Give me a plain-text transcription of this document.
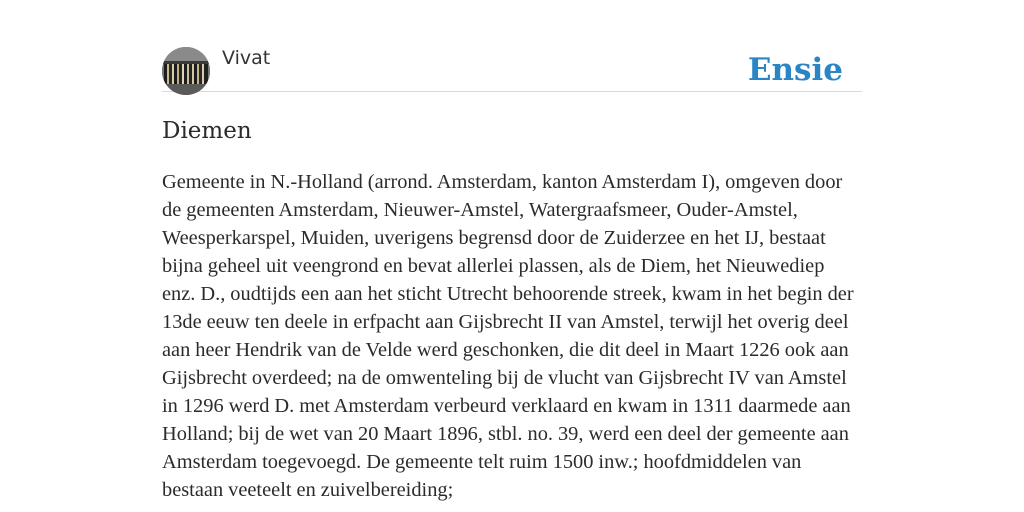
Vivat	Ensie
Diemen

Gemeente in N.-Holland (arrond. Amsterdam, kanton Amsterdam I), omgeven door de gemeenten Amsterdam, Nieuwer-Amstel, Watergraafsmeer, Ouder-Amstel, Weesperkarspel, Muiden, uverigens begrensd door de Zuiderzee en het IJ, bestaat bijna geheel uit veengrond en bevat allerlei plassen, als de Diem, het Nieuwediep enz. D., oudtijds een aan het sticht Utrecht behoorende streek, kwam in het begin der 13de eeuw ten deele in erfpacht aan Gijsbrecht II van Amstel, terwijl het overig deel aan heer Hendrik van de Velde werd geschonken, die dit deel in Maart 1226 ook aan Gijsbrecht overdeed; na de omwenteling bij de vlucht van Gijsbrecht IV van Amstel in 1296 werd D. met Amsterdam verbeurd verklaard en kwam in 1311 daarmede aan Holland; bij de wet van 20 Maart 1896, stbl. no. 39, werd een deel der gemeente aan Amsterdam toegevoegd. De gemeente telt ruim 1500 inw.; hoofdmiddelen van bestaan veeteelt en zuivelbereiding;
